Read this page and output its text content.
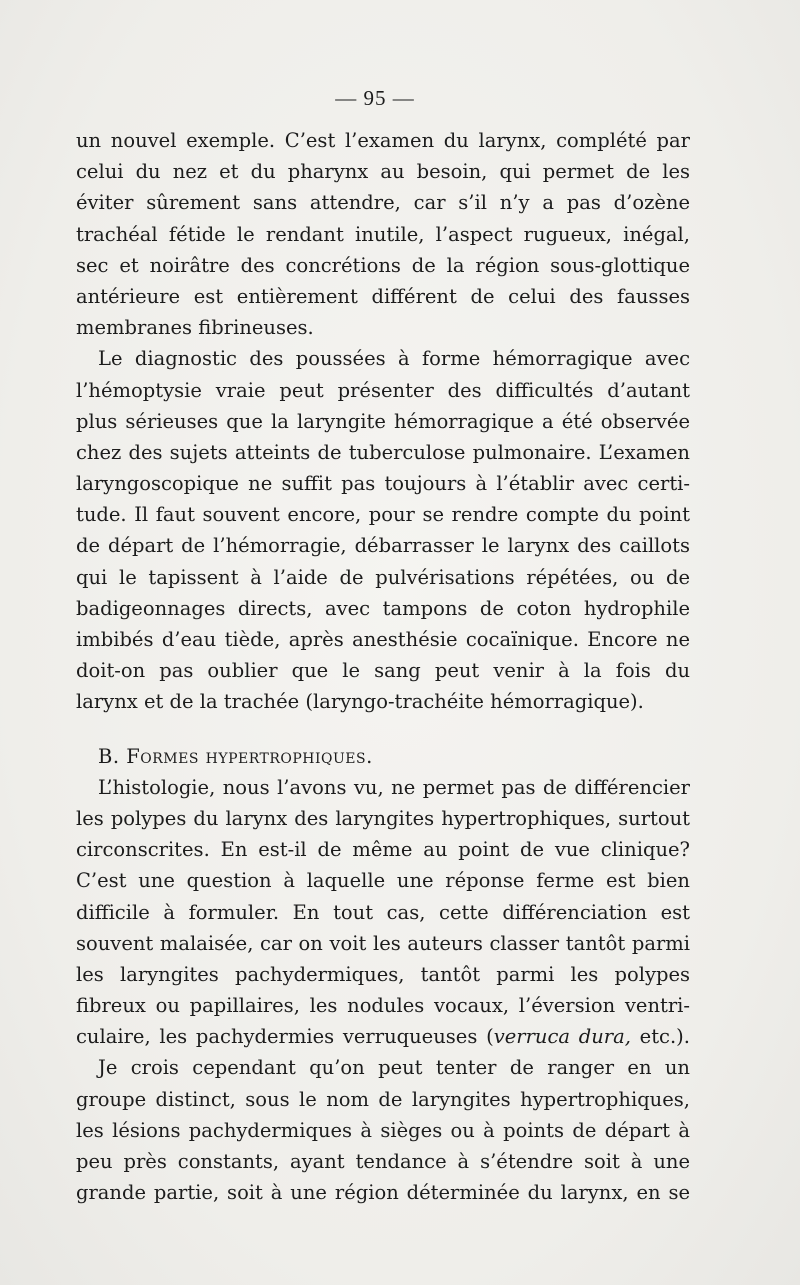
— 95 —
un nouvel exemple. C’est l’examen du larynx, complété par
celui du nez et du pharynx au besoin, qui permet de les
éviter sûrement sans attendre, car s’il n’y a pas d’ozène
trachéal fétide le rendant inutile, l’aspect rugueux, inégal,
sec et noirâtre des concrétions de la région sous-glottique
antérieure est entièrement différent de celui des fausses
membranes fibrineuses.
Le diagnostic des poussées à forme hémorragique avec
l’hémoptysie vraie peut présenter des difficultés d’autant
plus sérieuses que la laryngite hémorragique a été observée
chez des sujets atteints de tuberculose pulmonaire. L’examen
laryngoscopique ne suffit pas toujours à l’établir avec certi-
tude. Il faut souvent encore, pour se rendre compte du point
de départ de l’hémorragie, débarrasser le larynx des caillots
qui le tapissent à l’aide de pulvérisations répétées, ou de
badigeonnages directs, avec tampons de coton hydrophile
imbibés d’eau tiède, après anesthésie cocaïnique. Encore ne
doit-on pas oublier que le sang peut venir à la fois du
larynx et de la trachée (laryngo-trachéite hémorragique).
B. Formes hypertrophiques.
L’histologie, nous l’avons vu, ne permet pas de différencier
les polypes du larynx des laryngites hypertrophiques, surtout
circonscrites. En est-il de même au point de vue clinique?
C’est une question à laquelle une réponse ferme est bien
difficile à formuler. En tout cas, cette différenciation est
souvent malaisée, car on voit les auteurs classer tantôt parmi
les laryngites pachydermiques, tantôt parmi les polypes
fibreux ou papillaires, les nodules vocaux, l’éversion ventri-
culaire, les pachydermies verruqueuses (verruca dura, etc.).
Je crois cependant qu’on peut tenter de ranger en un
groupe distinct, sous le nom de laryngites hypertrophiques,
les lésions pachydermiques à sièges ou à points de départ à
peu près constants, ayant tendance à s’étendre soit à une
grande partie, soit à une région déterminée du larynx, en se
